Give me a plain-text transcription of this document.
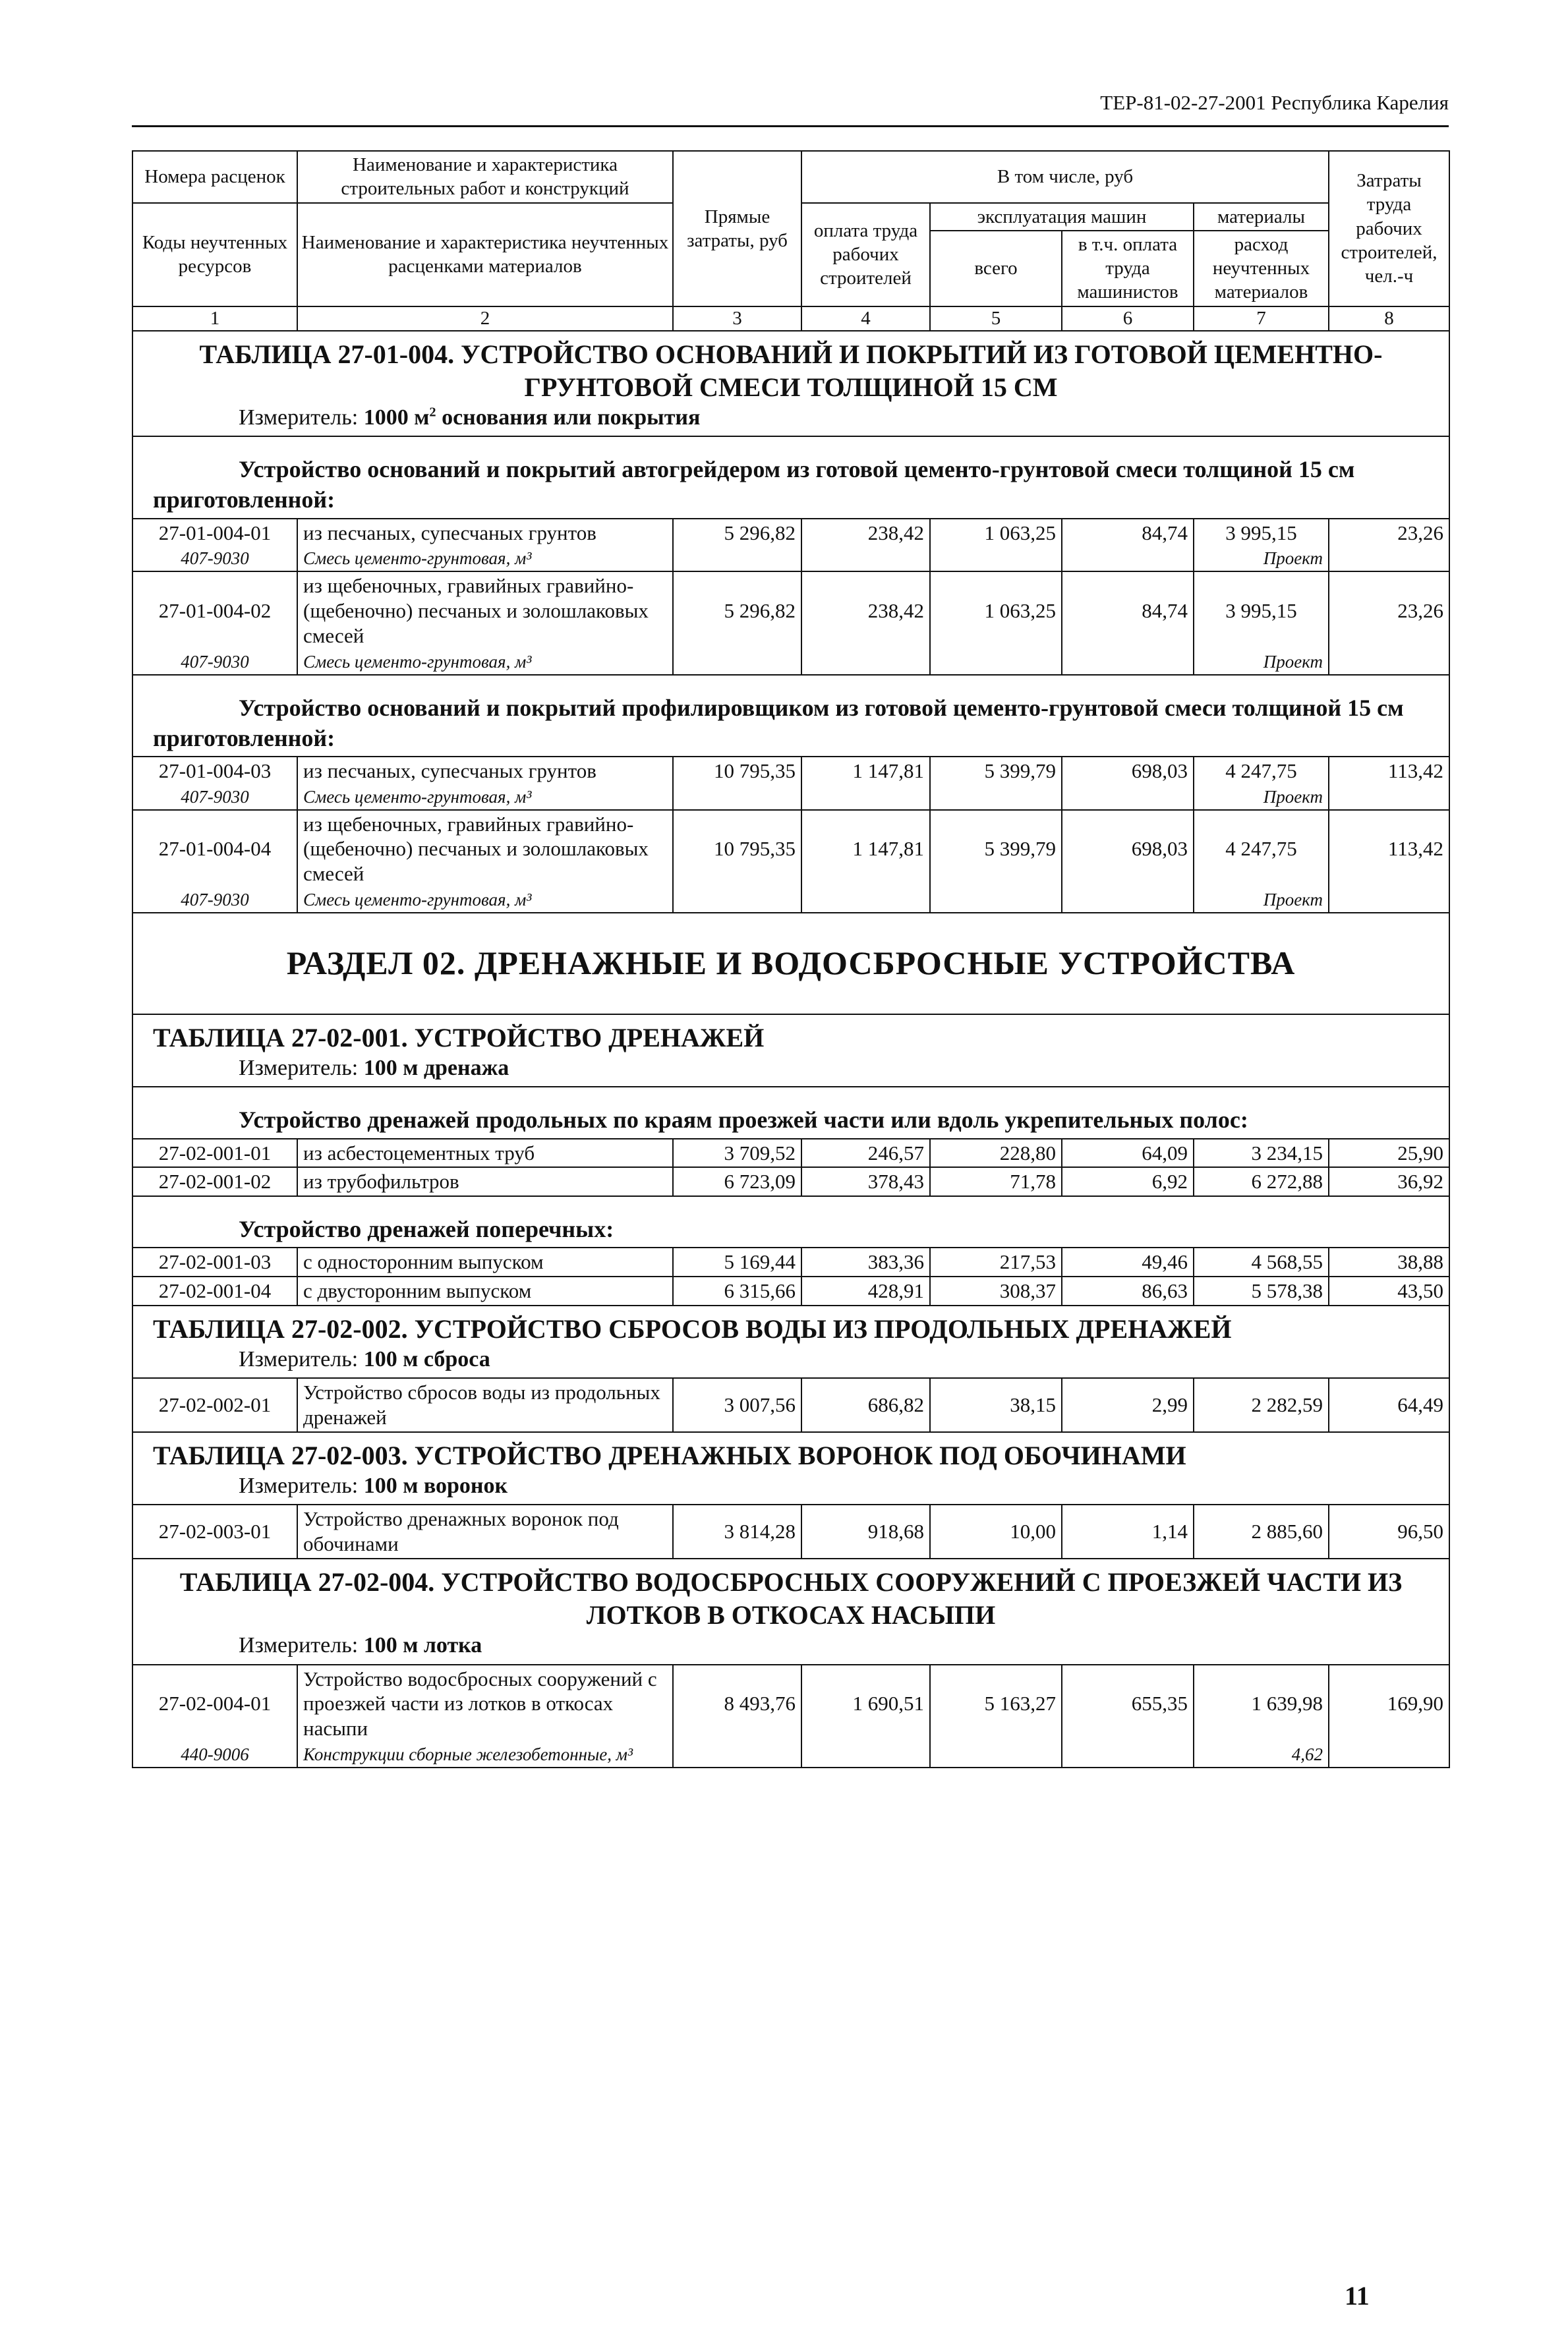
ТЕР-81-02-27-2001 Республика Карелия
Номера расценок	Наименование и характеристика строительных работ и конструкций	Прямые затраты, руб	В том числе, руб				Затраты труда рабочих строителей, чел.-ч
Коды неучтенных ресурсов	Наименование и характеристика неучтенных расценками материалов		оплата труда рабочих строителей	эксплуатация машин		материалы	
				всего	в т.ч. оплата труда машинистов	расход неучтенных материалов	

1	2	3	4	5	6	7	8

ТАБЛИЦА 27-01-004. УСТРОЙСТВО ОСНОВАНИЙ И ПОКРЫТИЙ ИЗ ГОТОВОЙ ЦЕМЕНТНО-
ГРУНТОВОЙ СМЕСИ ТОЛЩИНОЙ 15 СМ
Измеритель: 1000 $м^2$ основания или покрытия							

Устройство оснований и покрытий автогрейдером из готовой цементо-грунтовой смеси толщиной 15 см приготовленной:							

27-01-004-01	из песчаных, супесчаных грунтов	5 296,82	238,42	1 063,25	84,74	3 995,15	23,26
407-9030	Смесь цементо-грунтовая, м³					Проект	
27-01-004-02	из щебеночных, гравийных гравийно-(щебеночно) песчаных и золошлаковых смесей	5 296,82	238,42	1 063,25	84,74	3 995,15	23,26
407-9030	Смесь цементо-грунтовая, м³					Проект	

Устройство оснований и покрытий профилировщиком из готовой цементо-грунтовой смеси толщиной 15 см приготовленной:							

27-01-004-03	из песчаных, супесчаных грунтов	10 795,35	1 147,81	5 399,79	698,03	4 247,75	113,42
407-9030	Смесь цементо-грунтовая, м³					Проект	
27-01-004-04	из щебеночных, гравийных гравийно-(щебеночно) песчаных и золошлаковых смесей	10 795,35	1 147,81	5 399,79	698,03	4 247,75	113,42
407-9030	Смесь цементо-грунтовая, м³					Проект	
РАЗДЕЛ 02. ДРЕНАЖНЫЕ И ВОДОСБРОСНЫЕ УСТРОЙСТВА							

ТАБЛИЦА 27-02-001. УСТРОЙСТВО ДРЕНАЖЕЙ
Измеритель: 100 м дренажа							

Устройство дренажей продольных по краям проезжей части или вдоль укрепительных полос:							

27-02-001-01	из асбестоцементных труб	3 709,52	246,57	228,80	64,09	3 234,15	25,90
27-02-001-02	из трубофильтров	6 723,09	378,43	71,78	6,92	6 272,88	36,92

Устройство дренажей поперечных:							

27-02-001-03	с односторонним выпуском	5 169,44	383,36	217,53	49,46	4 568,55	38,88
27-02-001-04	с двусторонним выпуском	6 315,66	428,91	308,37	86,63	5 578,38	43,50

ТАБЛИЦА 27-02-002. УСТРОЙСТВО СБРОСОВ ВОДЫ ИЗ ПРОДОЛЬНЫХ ДРЕНАЖЕЙ
Измеритель: 100 м сброса							

27-02-002-01	Устройство сбросов воды из продольных дренажей	3 007,56	686,82	38,15	2,99	2 282,59	64,49

ТАБЛИЦА 27-02-003. УСТРОЙСТВО ДРЕНАЖНЫХ ВОРОНОК ПОД ОБОЧИНАМИ
Измеритель: 100 м воронок							

27-02-003-01	Устройство дренажных воронок под обочинами	3 814,28	918,68	10,00	1,14	2 885,60	96,50

ТАБЛИЦА 27-02-004. УСТРОЙСТВО ВОДОСБРОСНЫХ СООРУЖЕНИЙ С ПРОЕЗЖЕЙ ЧАСТИ ИЗ
ЛОТКОВ В ОТКОСАХ НАСЫПИ
Измеритель: 100 м лотка							

27-02-004-01	Устройство водосбросных сооружений с проезжей части из лотков в откосах насыпи	8 493,76	1 690,51	5 163,27	655,35	1 639,98	169,90
440-9006	Конструкции сборные железобетонные, м³					4,62	
11
